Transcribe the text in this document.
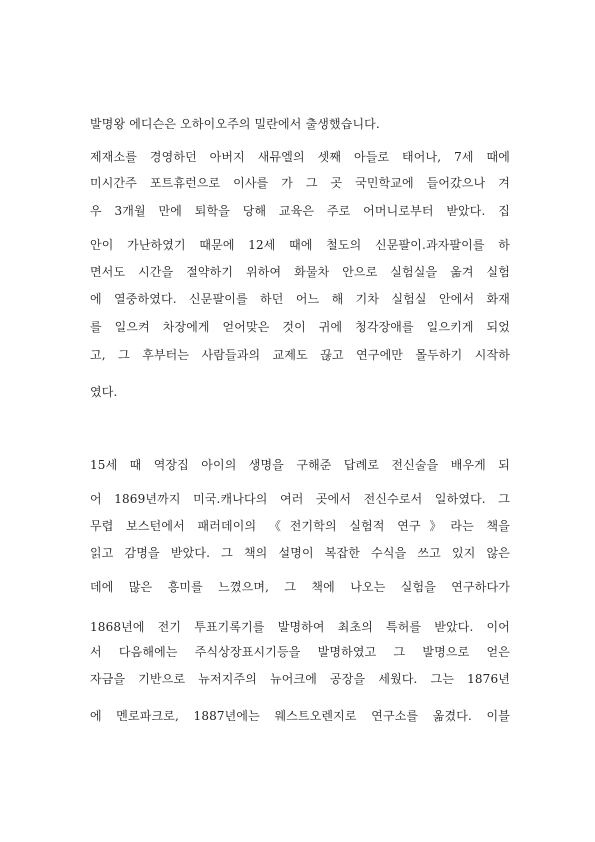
발명왕 에디슨은 오하이오주의 밀란에서 출생했습니다.
제재소를 경영하던 아버지 새뮤엘의 셋째 아들로 태어나, 7세 때에
미시간주 포트휴런으로 이사를 가 그 곳 국민학교에 들어갔으나 겨
우 3개월 만에 퇴학을 당해 교육은 주로 어머니로부터 받았다. 집
안이 가난하였기 때문에 12세 때에 철도의 신문팔이.과자팔이를 하
면서도 시간을 절약하기 위하여 화물차 안으로 실험실을 옮겨 실험
에 열중하였다. 신문팔이를 하던 어느 해 기차 실험실 안에서 화재
를 일으켜 차장에게 얻어맞은 것이 귀에 청각장애를 일으키게 되었
고, 그 후부터는 사람들과의 교제도 끊고 연구에만 몰두하기 시작하
였다.
15세 때 역장집 아이의 생명을 구해준 답례로 전신술을 배우게 되
어 1869년까지 미국.캐나다의 여러 곳에서 전신수로서 일하였다. 그
무렵 보스턴에서 패러데이의 《전기학의 실험적 연구》라는 책을
읽고 감명을 받았다. 그 책의 설명이 복잡한 수식을 쓰고 있지 않은
데에 많은 흥미를 느꼈으며, 그 책에 나오는 실험을 연구하다가
1868년에 전기 투표기록기를 발명하여 최초의 특허를 받았다. 이어
서 다음해에는 주식상장표시기등을 발명하였고 그 발명으로 얻은
자금을 기반으로 뉴저지주의 뉴어크에 공장을 세웠다. 그는 1876년
에 멘로파크로, 1887년에는 웨스트오렌지로 연구소를 옮겼다. 이블
